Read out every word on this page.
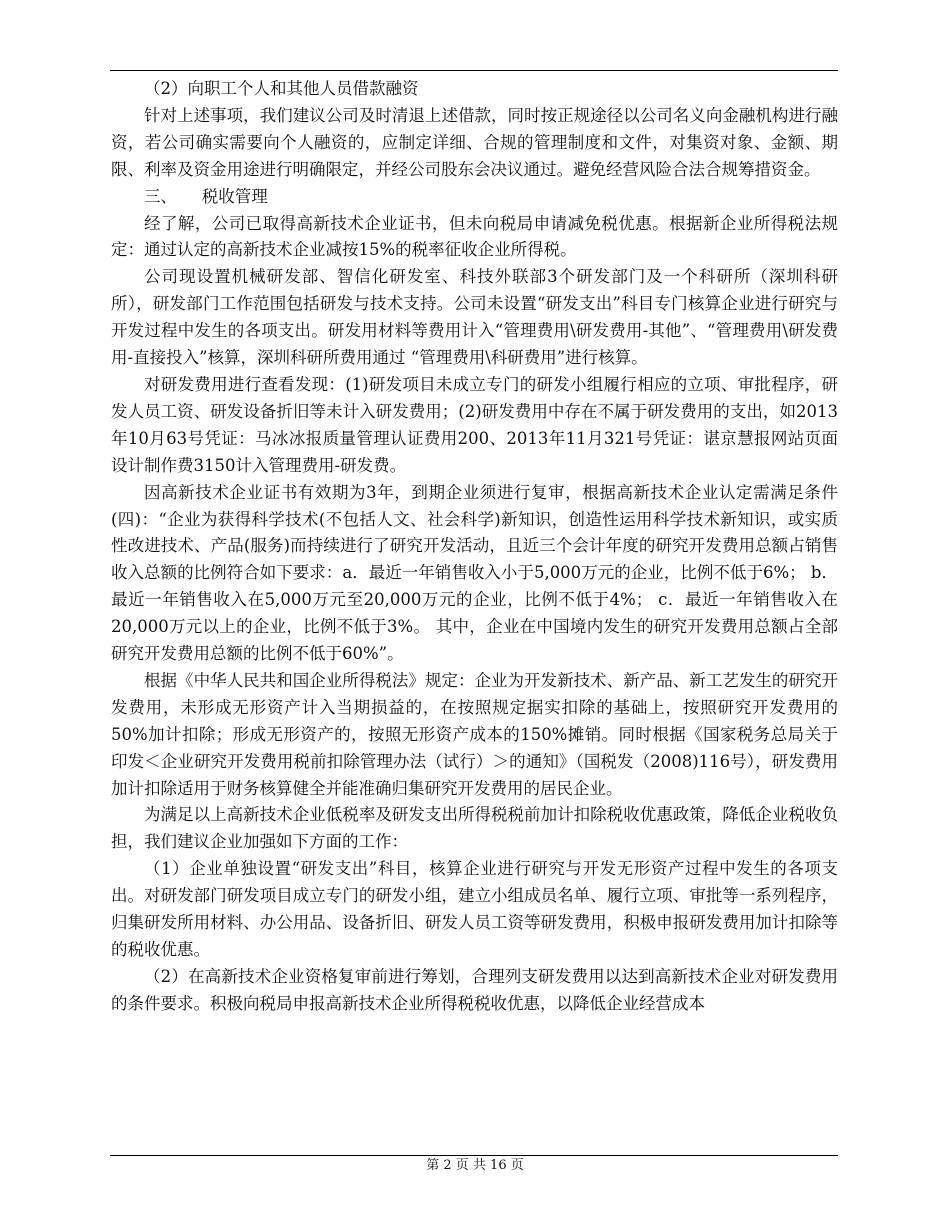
（2）向职工个人和其他人员借款融资

针对上述事项，我们建议公司及时清退上述借款，同时按正规途径以公司名义向金融机构进行融资，若公司确实需要向个人融资的，应制定详细、合规的管理制度和文件，对集资对象、金额、期限、利率及资金用途进行明确限定，并经公司股东会决议通过。避免经营风险合法合规筹措资金。

三、　　税收管理

经了解，公司已取得高新技术企业证书，但未向税局申请减免税优惠。根据新企业所得税法规定：通过认定的高新技术企业减按15%的税率征收企业所得税。

公司现设置机械研发部、智信化研发室、科技外联部3个研发部门及一个科研所（深圳科研所），研发部门工作范围包括研发与技术支持。公司未设置“研发支出”科目专门核算企业进行研究与开发过程中发生的各项支出。研发用材料等费用计入“管理费用\研发费用-其他”、“管理费用\研发费用-直接投入”核算，深圳科研所费用通过 “管理费用\科研费用”进行核算。

对研发费用进行查看发现：(1)研发项目未成立专门的研发小组履行相应的立项、审批程序，研发人员工资、研发设备折旧等未计入研发费用；(2)研发费用中存在不属于研发费用的支出，如2013年10月63号凭证：马冰冰报质量管理认证费用200、2013年11月321号凭证：谌京慧报网站页面设计制作费3150计入管理费用-研发费。

因高新技术企业证书有效期为3年，到期企业须进行复审，根据高新技术企业认定需满足条件(四)：“企业为获得科学技术(不包括人文、社会科学)新知识，创造性运用科学技术新知识，或实质性改进技术、产品(服务)而持续进行了研究开发活动，且近三个会计年度的研究开发费用总额占销售收入总额的比例符合如下要求：a．最近一年销售收入小于5,000万元的企业，比例不低于6%； b．最近一年销售收入在5,000万元至20,000万元的企业，比例不低于4%； c．最近一年销售收入在20,000万元以上的企业，比例不低于3%。 其中，企业在中国境内发生的研究开发费用总额占全部研究开发费用总额的比例不低于60%”。

根据《中华人民共和国企业所得税法》规定：企业为开发新技术、新产品、新工艺发生的研究开发费用，未形成无形资产计入当期损益的，在按照规定据实扣除的基础上，按照研究开发费用的50%加计扣除；形成无形资产的，按照无形资产成本的150%摊销。同时根据《国家税务总局关于印发＜企业研究开发费用税前扣除管理办法（试行）＞的通知》（国税发（2008)116号），研发费用加计扣除适用于财务核算健全并能准确归集研究开发费用的居民企业。

为满足以上高新技术企业低税率及研发支出所得税税前加计扣除税收优惠政策，降低企业税收负担，我们建议企业加强如下方面的工作：

（1）企业单独设置“研发支出”科目，核算企业进行研究与开发无形资产过程中发生的各项支出。对研发部门研发项目成立专门的研发小组，建立小组成员名单、履行立项、审批等一系列程序，归集研发所用材料、办公用品、设备折旧、研发人员工资等研发费用，积极申报研发费用加计扣除等的税收优惠。

（2）在高新技术企业资格复审前进行筹划，合理列支研发费用以达到高新技术企业对研发费用的条件要求。积极向税局申报高新技术企业所得税税收优惠，以降低企业经营成本

第 2 页 共 16 页
